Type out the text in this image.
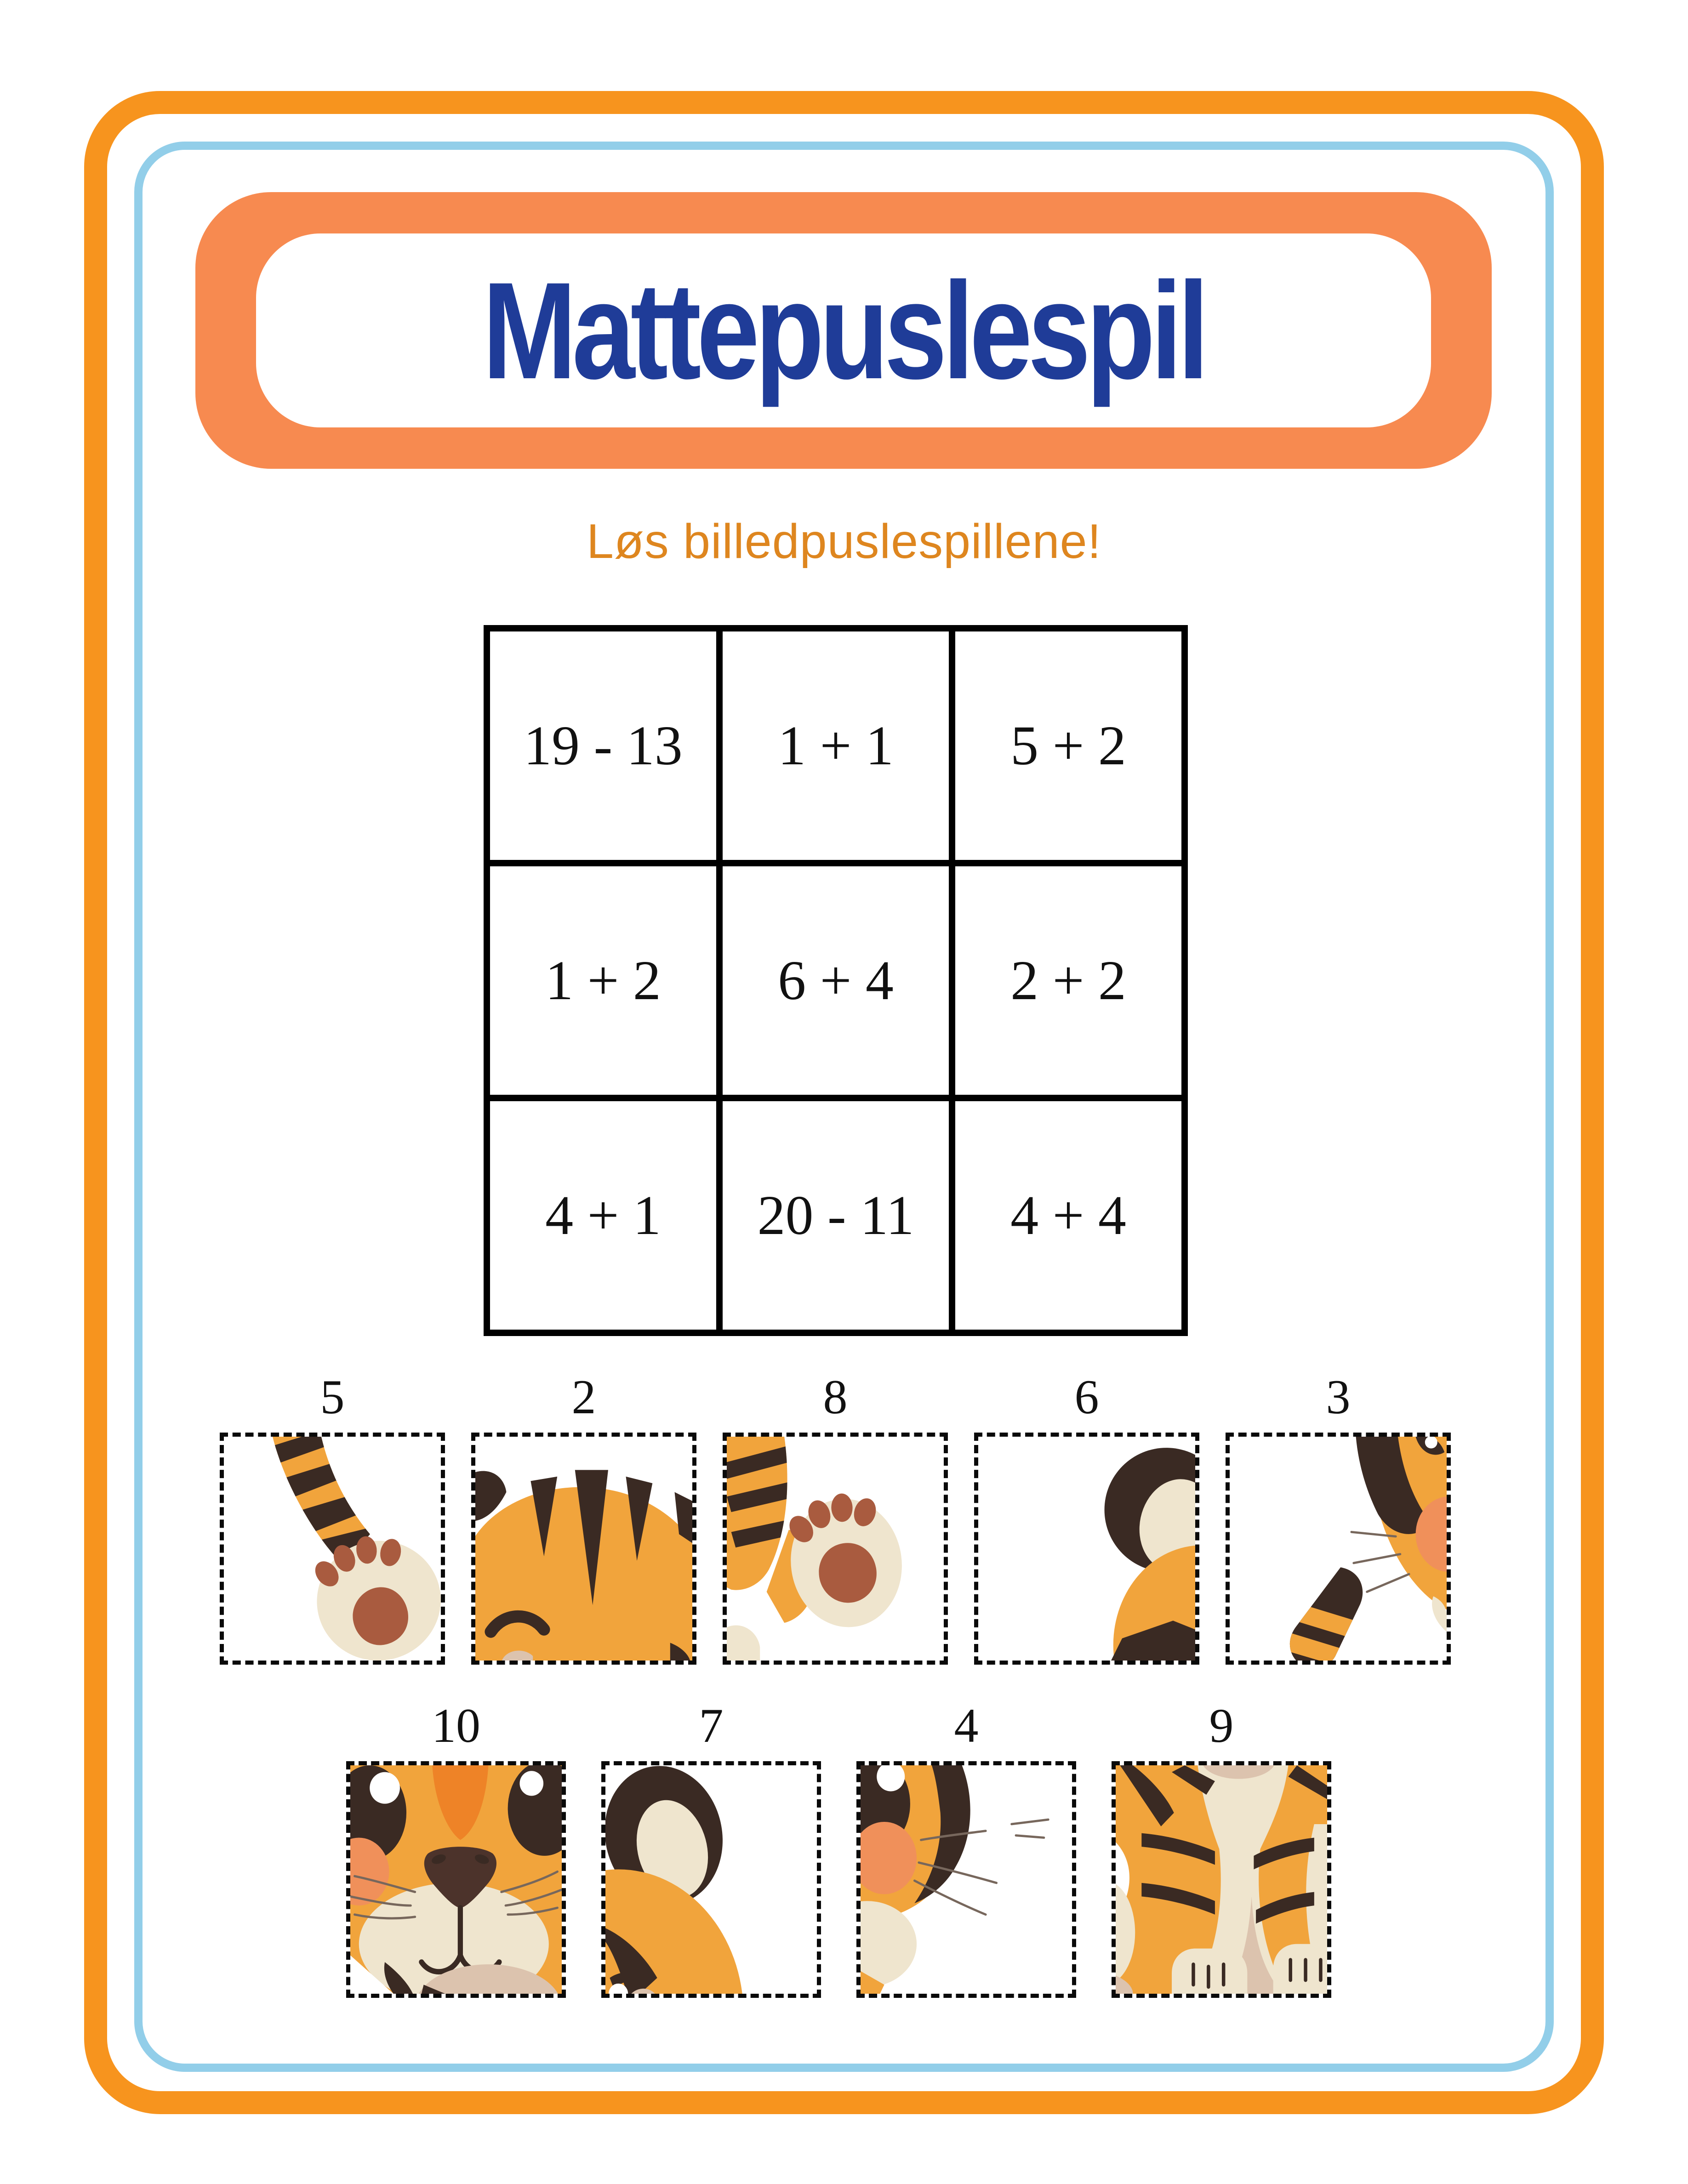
Mattepuslespil

Løs billedpuslespillene!

19 - 13	1 + 1	5 + 2
1 + 2	6 + 4	2 + 2
4 + 1	20 - 11	4 + 4
5	2	8	6	3
10	7	4	9
